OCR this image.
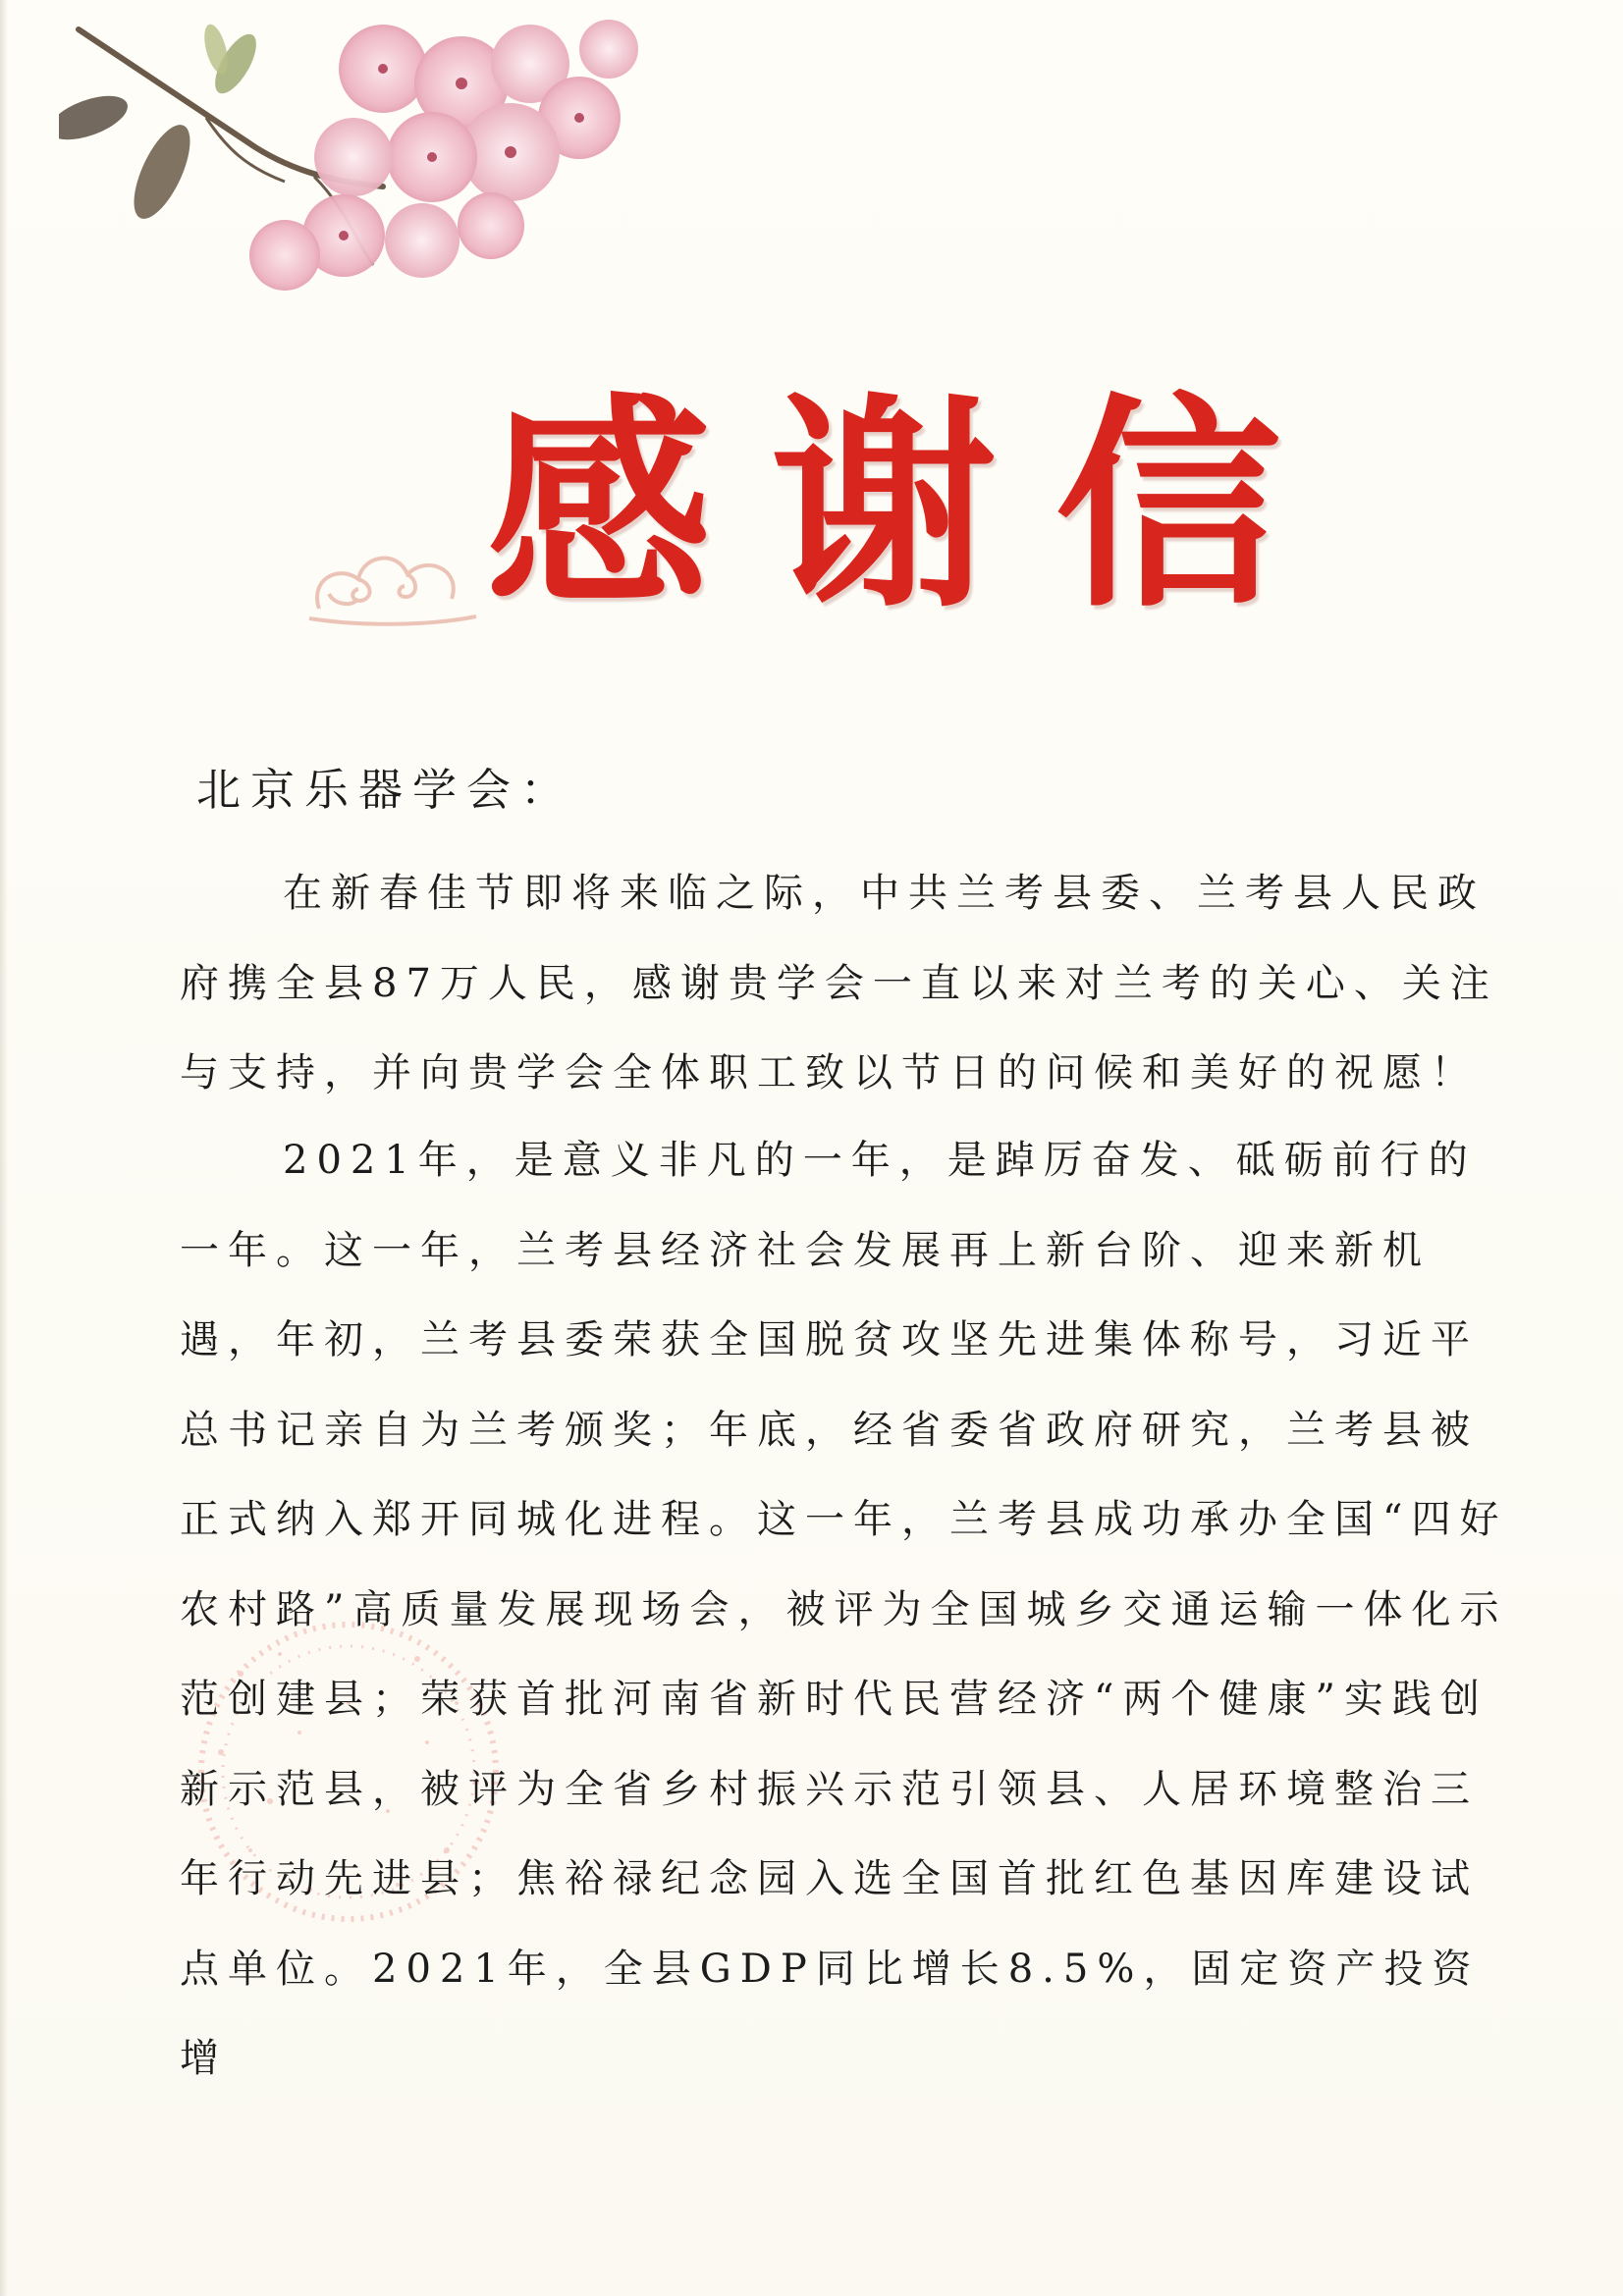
感 谢 信
北京乐器学会：
在新春佳节即将来临之际，中共兰考县委、兰考县人民政府携全县87万人民，感谢贵学会一直以来对兰考的关心、关注与支持，并向贵学会全体职工致以节日的问候和美好的祝愿！
2021年，是意义非凡的一年，是踔厉奋发、砥砺前行的一年。这一年，兰考县经济社会发展再上新台阶、迎来新机遇，年初，兰考县委荣获全国脱贫攻坚先进集体称号，习近平总书记亲自为兰考颁奖；年底，经省委省政府研究，兰考县被正式纳入郑开同城化进程。这一年，兰考县成功承办全国“四好农村路”高质量发展现场会，被评为全国城乡交通运输一体化示范创建县；荣获首批河南省新时代民营经济“两个健康”实践创新示范县，被评为全省乡村振兴示范引领县、人居环境整治三年行动先进县；焦裕禄纪念园入选全国首批红色基因库建设试点单位。2021年，全县GDP同比增长8.5%，固定资产投资增
